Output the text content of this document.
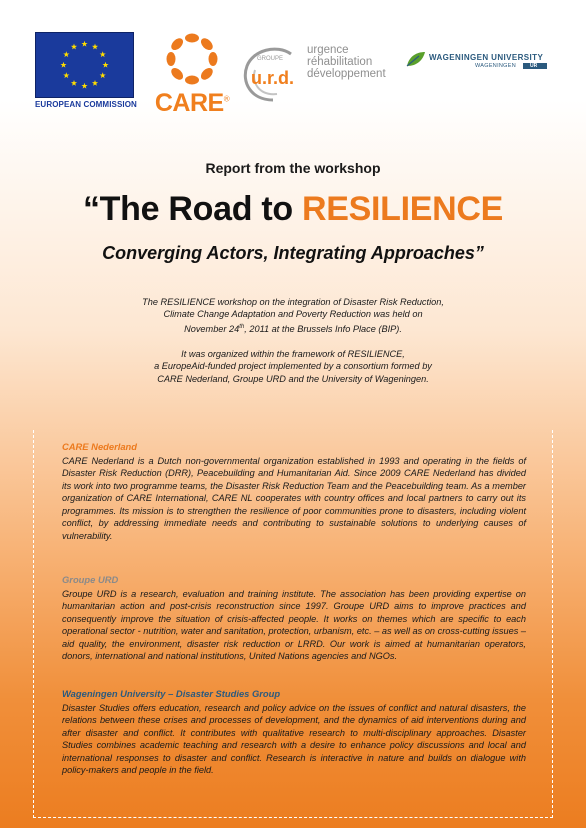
EUROPEAN COMMISSION CARE®
GROUPE
u.r.d.
urgence
réhabilitation
développement
WAGENINGEN UNIVERSITY
WAGENINGEN	UR
Report from the workshop
“The Road to RESILIENCE
Converging Actors, Integrating Approaches”
The RESILIENCE workshop on the integration of Disaster Risk Reduction,
Climate Change Adaptation and Poverty Reduction was held on
November 24th, 2011 at the Brussels Info Place (BIP).
It was organized within the framework of RESILIENCE,
a EuropeAid-funded project implemented by a consortium formed by
CARE Nederland, Groupe URD and the University of Wageningen.
CARE Nederland
CARE Nederland is a Dutch non-governmental organization established in 1993 and operating in the fields of Disaster Risk Reduction (DRR), Peacebuilding and Humanitarian Aid. Since 2009 CARE Nederland has divided its work into two programme teams, the Disaster Risk Reduction Team and the Peacebuilding team. As a member organization of CARE International, CARE NL cooperates with country offices and local partners to carry out its programmes. Its mission is to strengthen the resilience of poor communities prone to disasters, including violent conflict, by addressing immediate needs and contributing to sustainable solutions to underlying causes of vulnerability.
Groupe URD
Groupe URD is a research, evaluation and training institute. The association has been providing expertise on humanitarian action and post-crisis reconstruction since 1997. Groupe URD aims to improve practices and consequently improve the situation of crisis-affected people. It works on themes which are specific to each operational sector - nutrition, water and sanitation, protection, urbanism, etc. – as well as on cross-cutting issues – aid quality, the environment, disaster risk reduction or LRRD. Our work is aimed at humanitarian operators, donors, international and national institutions, United Nations agencies and NGOs.
Wageningen University – Disaster Studies Group
Disaster Studies offers education, research and policy advice on the issues of conflict and natural disasters, the relations between these crises and processes of development, and the dynamics of aid interventions during and after disaster and conflict. It contributes with qualitative research to multi-disciplinary approaches. Disaster Studies combines academic teaching and research with a desire to enhance policy discussions and local and international responses to disaster and conflict. Research is interactive in nature and builds on dialogue with policy-makers and people in the field.
